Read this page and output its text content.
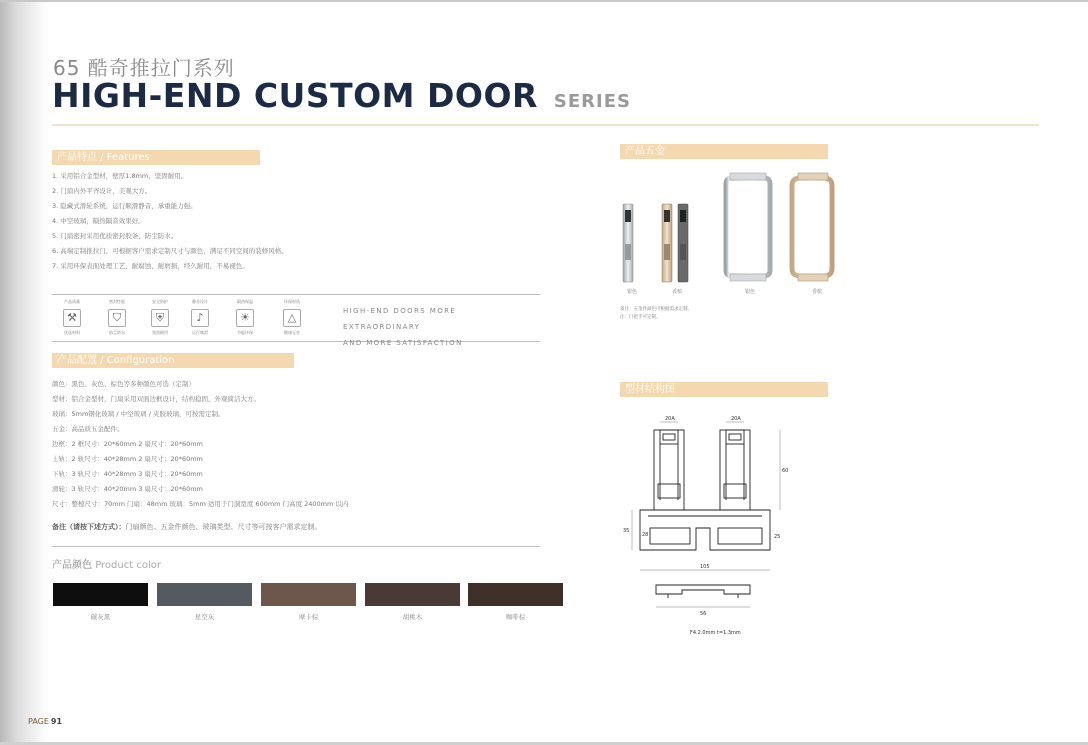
65 酷奇推拉门系列
HIGH-END CUSTOM DOOR SERIES
产品特点 / Features
1. 采用铝合金型材，壁厚1.8mm，坚固耐用。
2. 门扇内外平齐设计，美观大方。
3. 隐藏式滑轮系统，运行顺滑静音，承重能力强。
4. 中空玻璃，隔热隔音效果好。
5. 门扇密封采用优质密封胶条，防尘防水。
6. 高端定制推拉门，可根据客户需求定制尺寸与颜色，满足不同空间的装修风格。
7. 采用环保表面处理工艺，耐腐蚀、耐磨损，经久耐用，不易褪色。
产品质量
⚒
优选材料
密封性能
⛉
防尘防水
安全防护
⛨
坚固耐用
静音设计
♪
运行顺滑
隔热保温
☀
节能环保
环保材质
△
健康无害
HIGH-END DOORS MORE EXTRAORDINARY
AND MORE SATISFACTION
产品配置 / Configuration
颜色：黑色、灰色、棕色等多种颜色可选（定制）
型材：铝合金型材，门扇采用双面边框设计，结构稳固，外观简洁大方。
玻璃：5mm钢化玻璃 / 中空玻璃 / 夹胶玻璃，可按需定制。
五金：高品质五金配件。
边框：2 框尺寸：20*60mm 2 扇尺寸：20*60mm
上轨：2 轨尺寸：40*28mm 2 扇尺寸：20*60mm
下轨：3 轨尺寸：40*28mm 3 扇尺寸：20*60mm
滑轮：3 轨尺寸：40*20mm 3 扇尺寸：20*60mm
尺寸：整樘尺寸：70mm 门扇：48mm 玻璃：5mm 适用于门洞宽度 600mm 门高度 2400mm 以内
备注（请按下述方式）：门扇颜色、五金件颜色、玻璃类型、尺寸等可按客户需求定制。
产品颜色 Product color
碳灰黑	星空灰	摩卡棕	胡桃木	咖啡棕
产品五金
银色	香槟	银色	香槟
备注：五金件颜色可根据需求定制。
注：门把手可定制。
型材结构图
20A	20A
60
35
28	25
105
56
F4.2.0mm t=1.3mm
PAGE 91
